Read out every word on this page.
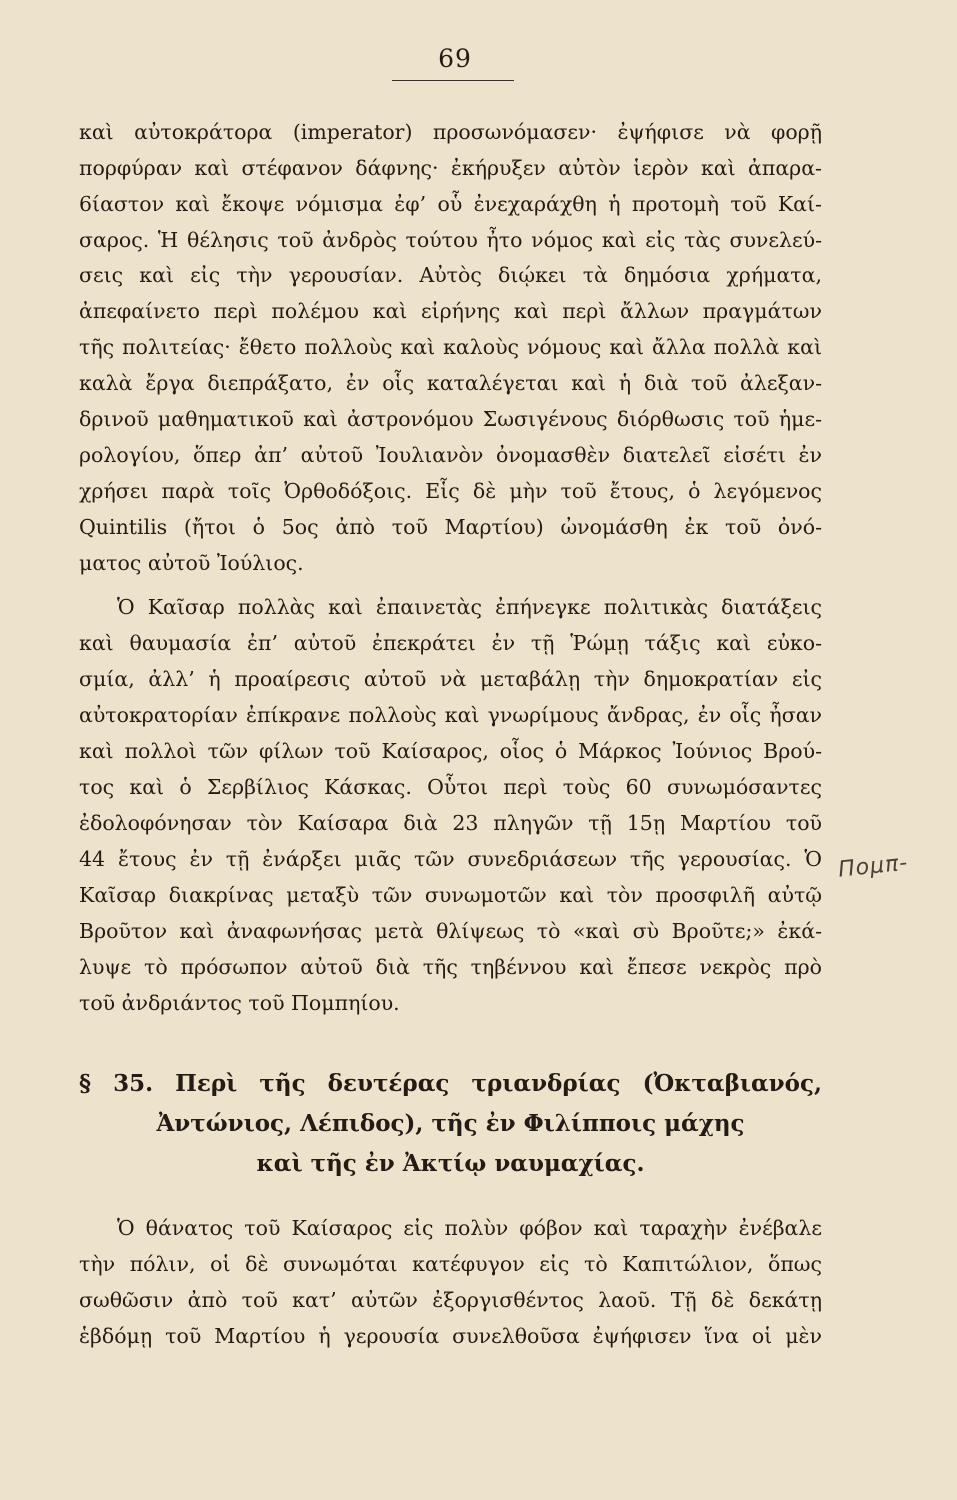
69
καὶ αὐτοκράτορα (imperator) προσωνόμασεν· ἐψήφισε νὰ φορῇ
πορφύραν καὶ στέφανον δάφνης· ἐκήρυξεν αὐτὸν ἱερὸν καὶ ἀπαρα-
6ίαστον καὶ ἔκοψε νόμισμα ἐφ’ οὗ ἐνεχαράχθη ἡ προτομὴ τοῦ Καί-
σαρος. Ἡ θέλησις τοῦ ἀνδρὸς τούτου ἦτο νόμος καὶ εἰς τὰς συνελεύ-
σεις καὶ εἰς τὴν γερουσίαν. Αὐτὸς διῴκει τὰ δημόσια χρήματα,
ἀπεφαίνετο περὶ πολέμου καὶ εἰρήνης καὶ περὶ ἄλλων πραγμάτων
τῆς πολιτείας· ἔθετο πολλοὺς καὶ καλοὺς νόμους καὶ ἄλλα πολλὰ καὶ
καλὰ ἔργα διεπράξατο, ἐν οἷς καταλέγεται καὶ ἡ διὰ τοῦ ἀλεξαν-
δρινοῦ μαθηματικοῦ καὶ ἀστρονόμου Σωσιγένους διόρθωσις τοῦ ἡμε-
ρολογίου, ὅπερ ἀπ’ αὐτοῦ Ἰουλιανὸν ὀνομασθὲν διατελεῖ εἰσέτι ἐν
χρήσει παρὰ τοῖς Ὀρθοδόξοις. Εἷς δὲ μὴν τοῦ ἔτους, ὁ λεγόμενος
Quintilis (ἤτοι ὁ 5ος ἀπὸ τοῦ Μαρτίου) ὠνομάσθη ἐκ τοῦ ὀνό-
ματος αὐτοῦ Ἰούλιος.
Ὁ Καῖσαρ πολλὰς καὶ ἐπαινετὰς ἐπήνεγκε πολιτικὰς διατάξεις
καὶ θαυμασία ἐπ’ αὐτοῦ ἐπεκράτει ἐν τῇ Ῥώμῃ τάξις καὶ εὐκο-
σμία, ἀλλ’ ἡ προαίρεσις αὐτοῦ νὰ μεταβάλῃ τὴν δημοκρατίαν εἰς
αὐτοκρατορίαν ἐπίκρανε πολλοὺς καὶ γνωρίμους ἄνδρας, ἐν οἷς ἦσαν
καὶ πολλοὶ τῶν φίλων τοῦ Καίσαρος, οἷος ὁ Μάρκος Ἰούνιος Βρού-
τος καὶ ὁ Σερβίλιος Κάσκας. Οὗτοι περὶ τοὺς 60 συνωμόσαντες
ἐδολοφόνησαν τὸν Καίσαρα διὰ 23 πληγῶν τῇ 15ῃ Μαρτίου τοῦ
44 ἔτους ἐν τῇ ἐνάρξει μιᾶς τῶν συνεδριάσεων τῆς γερουσίας. Ὁ
Καῖσαρ διακρίνας μεταξὺ τῶν συνωμοτῶν καὶ τὸν προσφιλῆ αὐτῷ
Βροῦτον καὶ ἀναφωνήσας μετὰ θλίψεως τὸ «καὶ σὺ Βροῦτε;» ἐκά-
λυψε τὸ πρόσωπον αὐτοῦ διὰ τῆς τηβέννου καὶ ἔπεσε νεκρὸς πρὸ
τοῦ ἀνδριάντος τοῦ Πομπηίου.
Πομπ-
§ 35. Περὶ τῆς δευτέρας τριανδρίας (Ὀκταβιανός,
Ἀντώνιος, Λέπιδος), τῆς ἐν Φιλίπποις μάχης
καὶ τῆς ἐν Ἀκτίῳ ναυμαχίας.
Ὁ θάνατος τοῦ Καίσαρος εἰς πολὺν φόβον καὶ ταραχὴν ἐνέβαλε
τὴν πόλιν, οἱ δὲ συνωμόται κατέφυγον εἰς τὸ Καπιτώλιον, ὅπως
σωθῶσιν ἀπὸ τοῦ κατ’ αὐτῶν ἐξοργισθέντος λαοῦ. Τῇ δὲ δεκάτῃ
ἑβδόμῃ τοῦ Μαρτίου ἡ γερουσία συνελθοῦσα ἐψήφισεν ἵνα οἱ μὲν
